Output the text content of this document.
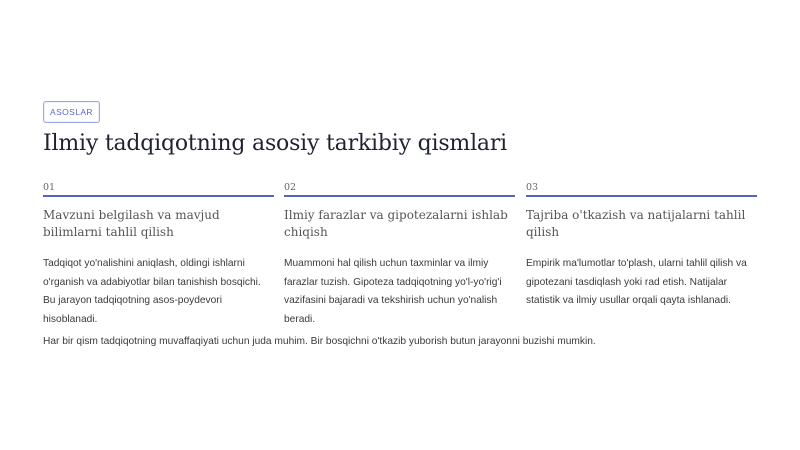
ASOSLAR
Ilmiy tadqiqotning asosiy tarkibiy qismlari
01
Mavzuni belgilash va mavjud bilimlarni tahlil qilish
Tadqiqot yo'nalishini aniqlash, oldingi ishlarni o'rganish va adabiyotlar bilan tanishish bosqichi. Bu jarayon tadqiqotning asos-poydevori hisoblanadi.
02
Ilmiy farazlar va gipotezalarni ishlab chiqish
Muammoni hal qilish uchun taxminlar va ilmiy farazlar tuzish. Gipoteza tadqiqotning yo'l-yo'rig'i vazifasini bajaradi va tekshirish uchun yo'nalish beradi.
03
Tajriba o'tkazish va natijalarni tahlil qilish
Empirik ma'lumotlar to'plash, ularni tahlil qilish va gipotezani tasdiqlash yoki rad etish. Natijalar statistik va ilmiy usullar orqali qayta ishlanadi.
Har bir qism tadqiqotning muvaffaqiyati uchun juda muhim. Bir bosqichni o'tkazib yuborish butun jarayonni buzishi mumkin.
